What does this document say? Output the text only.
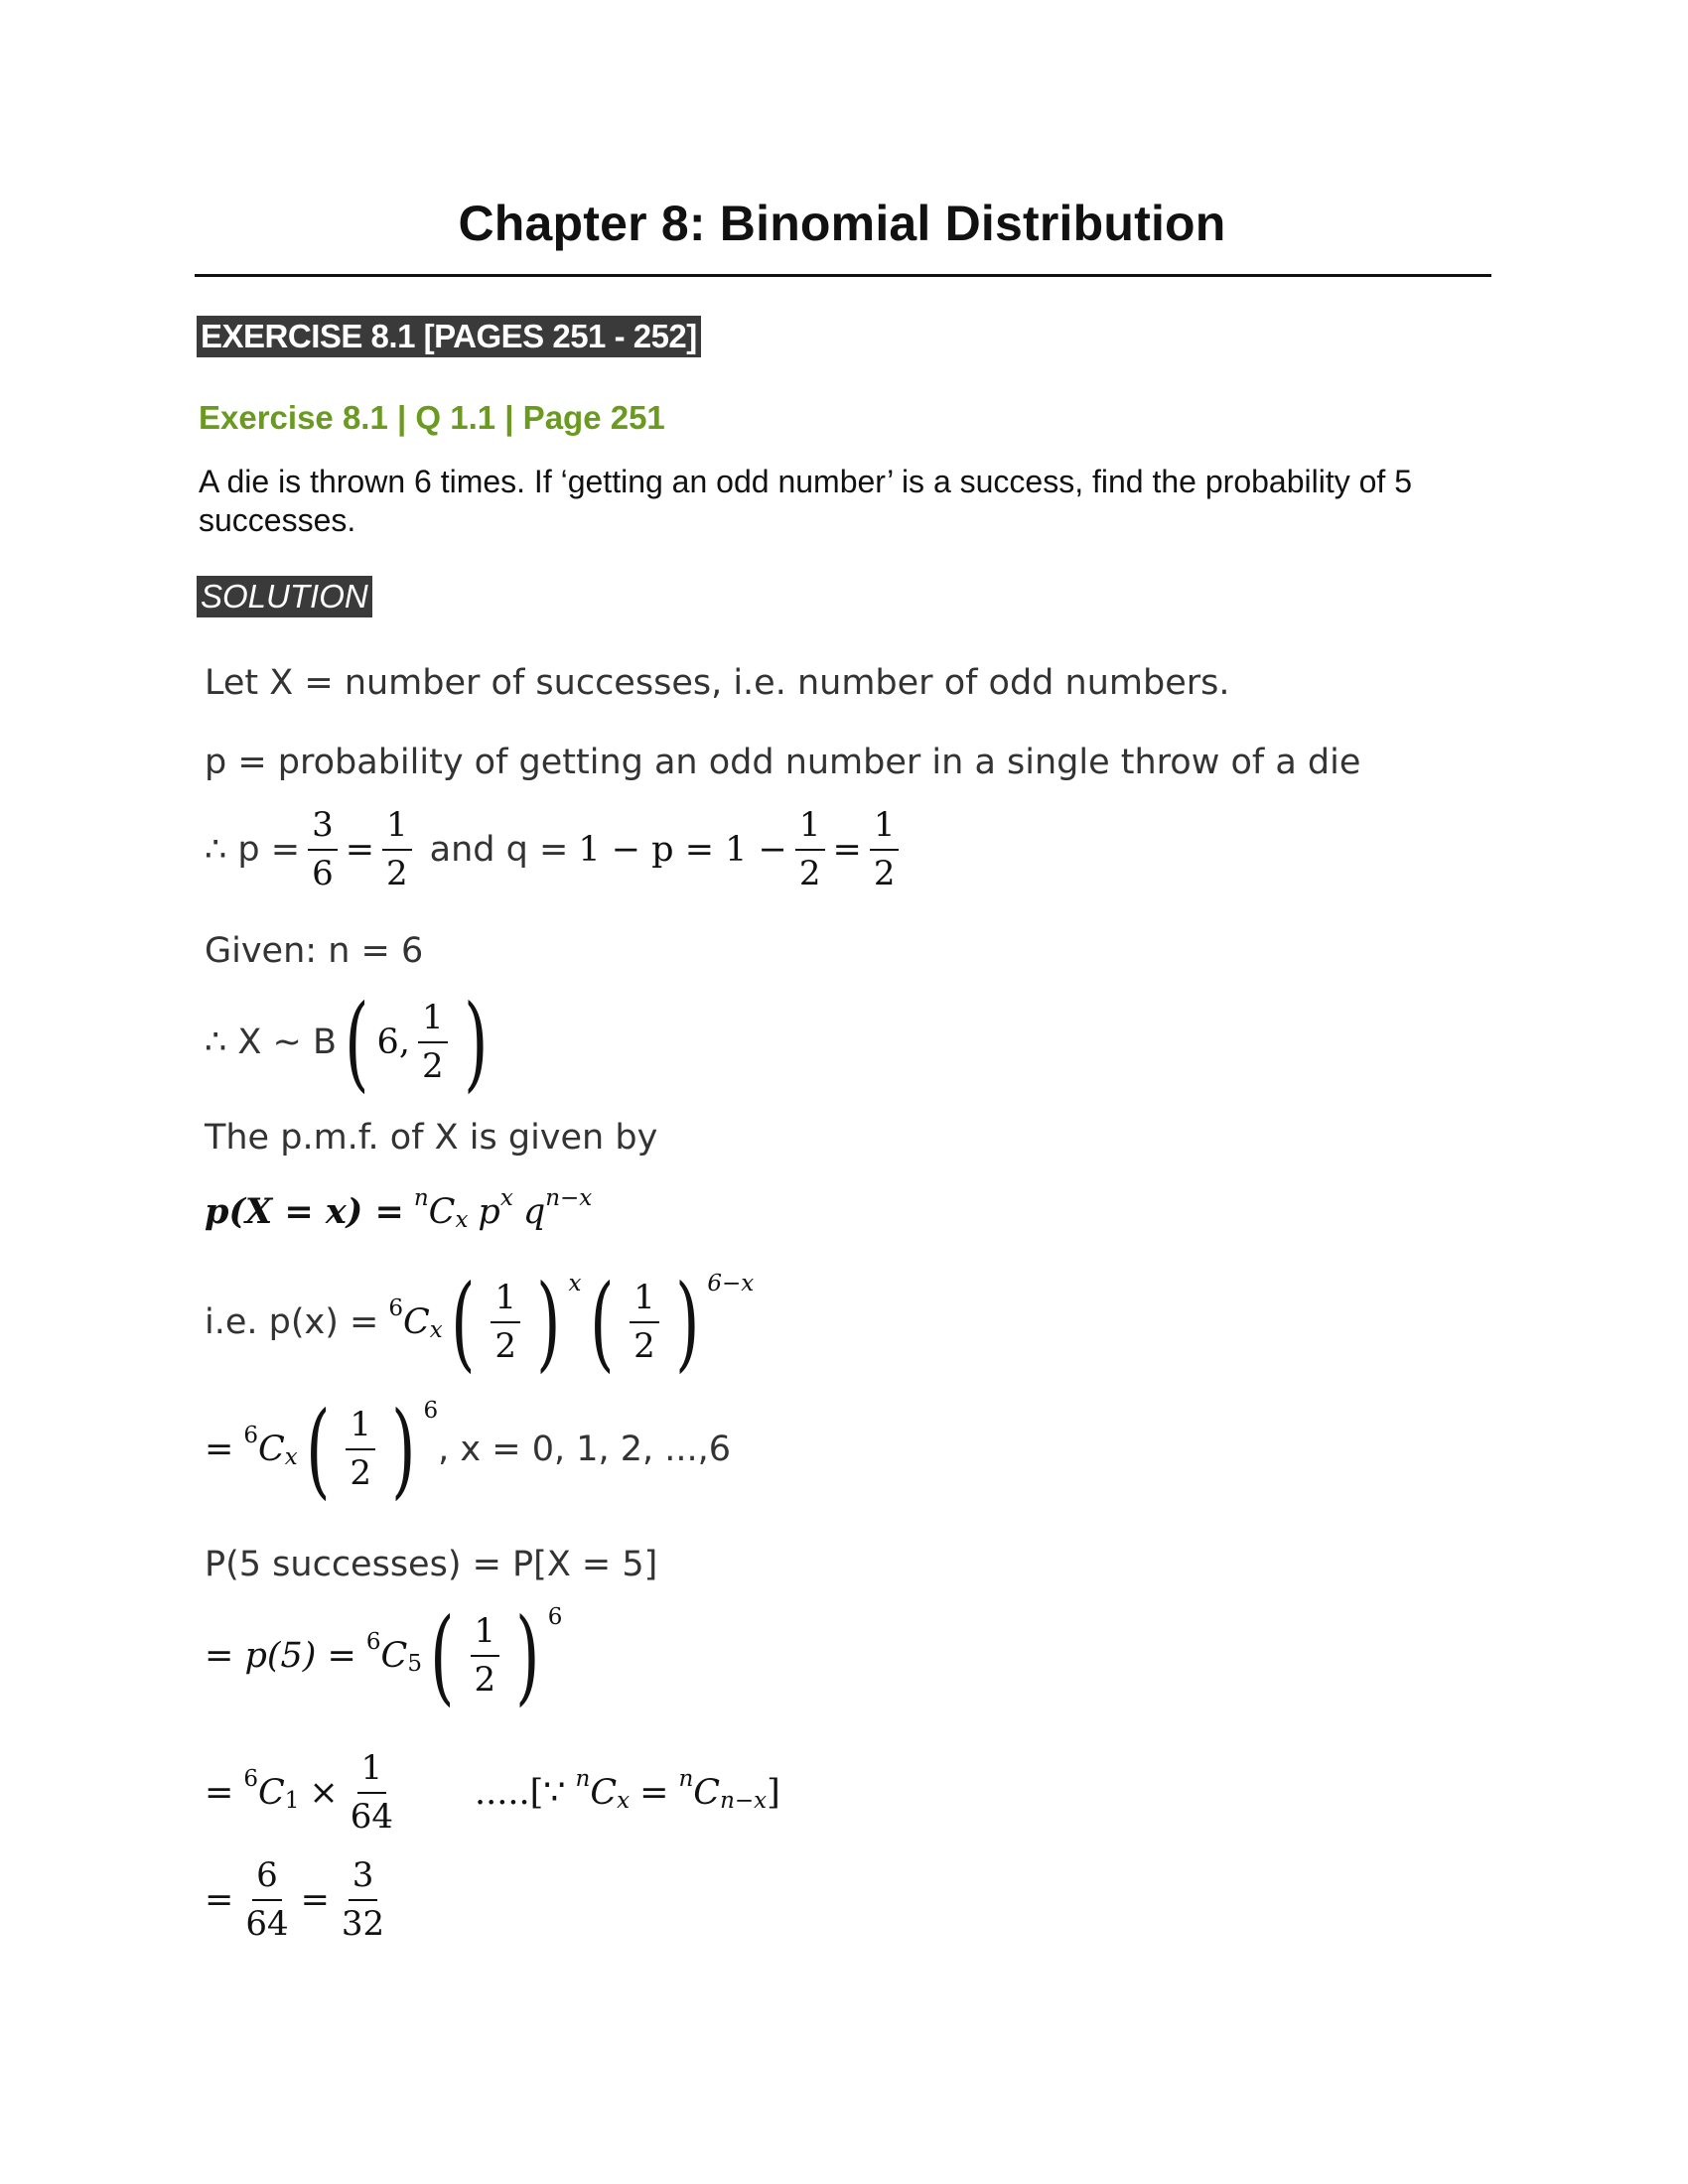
Chapter 8: Binomial Distribution
EXERCISE 8.1 [PAGES 251 - 252]
Exercise 8.1 | Q 1.1 | Page 251
A die is thrown 6 times. If ‘getting an odd number’ is a success, find the probability of 5 successes.
SOLUTION
Let X = number of successes, i.e. number of odd numbers.
p = probability of getting an odd number in a single throw of a die
∴ $p = \frac{3}{6} = \frac{1}{2}$ and $q = 1 - p = 1 - \frac{1}{2} = \frac{1}{2}$
Given: n = 6
∴ X ~ B ( 6, $\frac{1}{2}$ )
The p.m.f. of X is given by
p(X = x) = n C x p x q n−x
i.e. p(x) = 6 C x ( $\frac{1}{2}$ ) x ( $\frac{1}{2}$ ) 6−x
= 6 C x ( $\frac{1}{2}$ ) 6
, x = 0, 1, 2, ...,6
P(5 successes) = P[X = 5]
= p(5) = 6 C 5 ( $\frac{1}{2}$ ) 6
= 6 C $1 \times \frac{1}{64}$ .....[∵ n C x = n C n−x ]
= $\frac{6}{64} = \frac{3}{32}$
